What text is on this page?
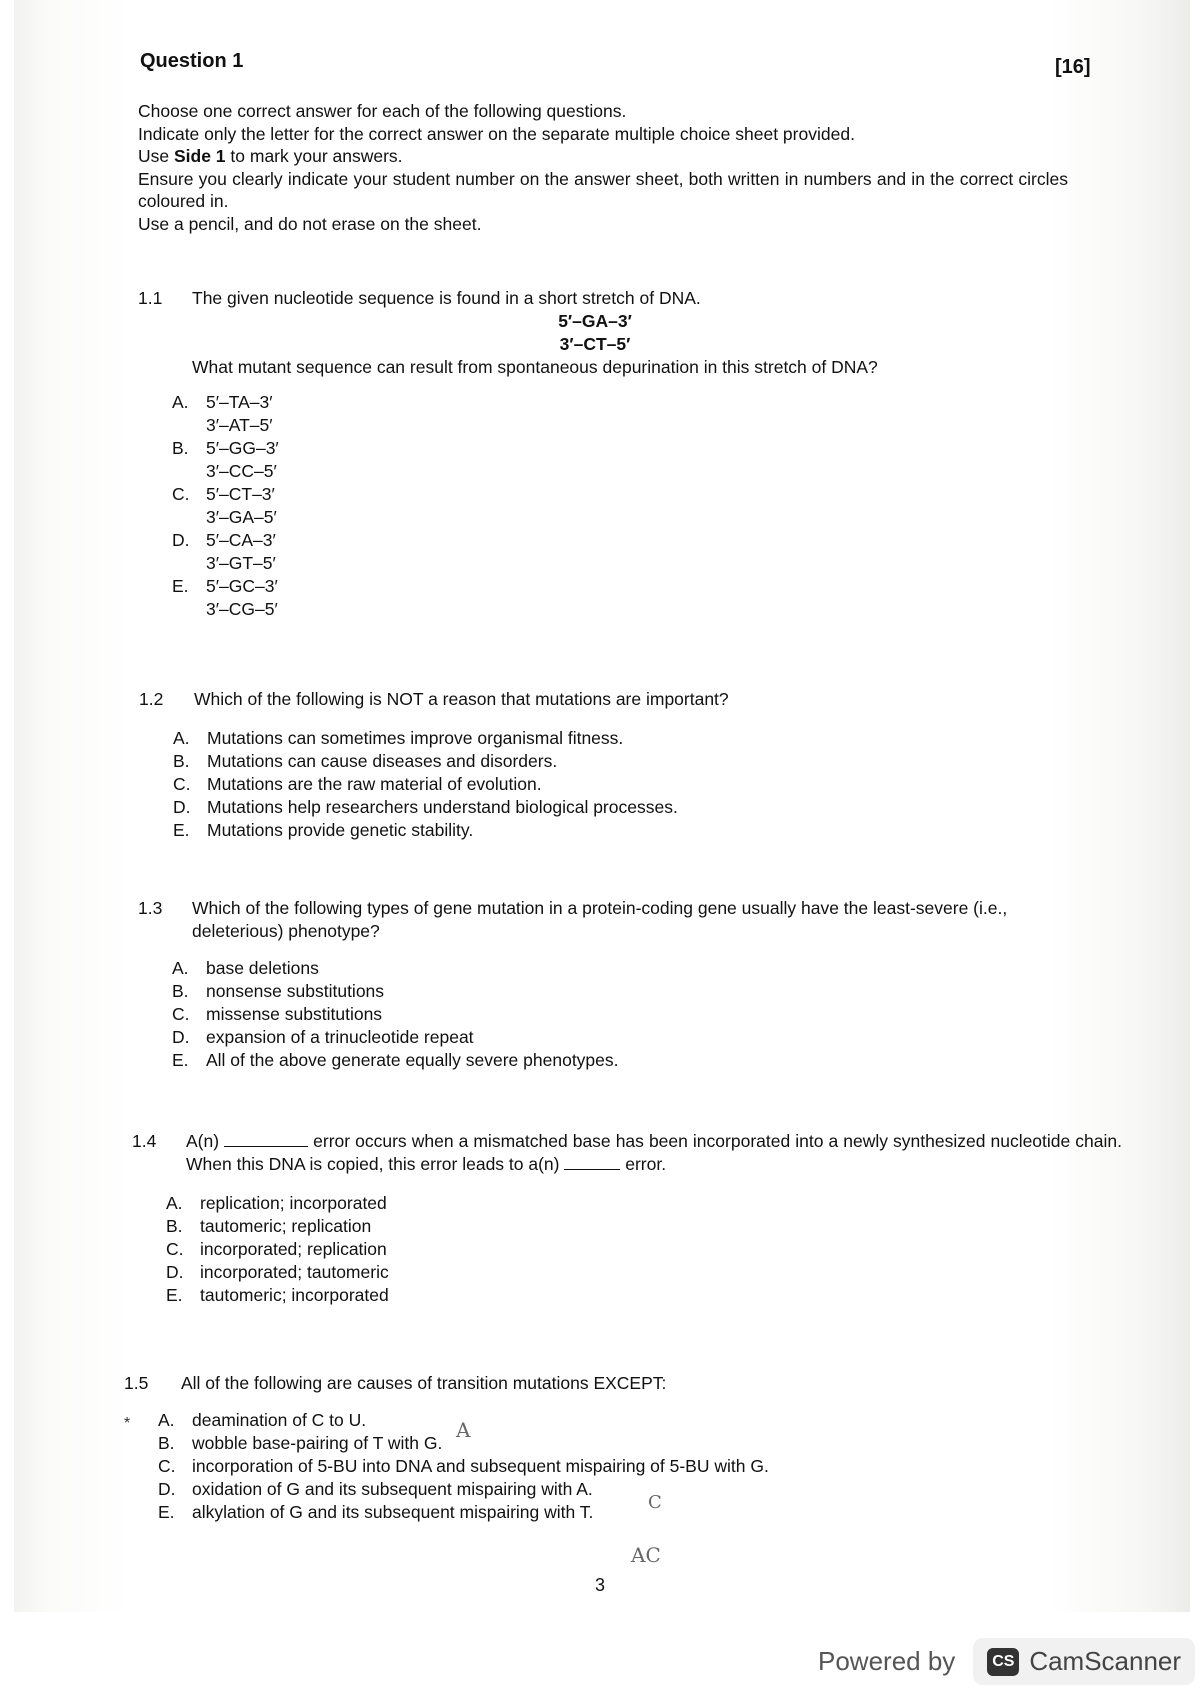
Question 1	[16]

Choose one correct answer for each of the following questions.

Indicate only the letter for the correct answer on the separate multiple choice sheet provided.

Use Side 1 to mark your answers.

Ensure you clearly indicate your student number on the answer sheet, both written in numbers and in the correct circles coloured in.

Use a pencil, and do not erase on the sheet.

1.1 The given nucleotide sequence is found in a short stretch of DNA.
5′–GA–3′
3′–CT–5′
What mutant sequence can result from spontaneous depurination in this stretch of DNA?
A. 5′–TA–3′
3′–AT–5′
B. 5′–GG–3′
3′–CC–5′
C. 5′–CT–3′
3′–GA–5′
D. 5′–CA–3′
3′–GT–5′
E. 5′–GC–3′
3′–CG–5′
1.2 Which of the following is NOT a reason that mutations are important?
A. Mutations can sometimes improve organismal fitness.
B. Mutations can cause diseases and disorders.
C. Mutations are the raw material of evolution.
D. Mutations help researchers understand biological processes.
E. Mutations provide genetic stability.
1.3 Which of the following types of gene mutation in a protein-coding gene usually have the least-severe (i.e., deleterious) phenotype?
A. base deletions
B. nonsense substitutions
C. missense substitutions
D. expansion of a trinucleotide repeat
E. All of the above generate equally severe phenotypes.
1.4 A(n)	error occurs when a mismatched base has been incorporated into a newly synthesized nucleotide chain. When this DNA is copied, this error leads to a(n)	error.
A. replication; incorporated
B. tautomeric; replication
C. incorporated; replication
D. incorporated; tautomeric
E. tautomeric; incorporated
1.5 All of the following are causes of transition mutations EXCEPT:
A. deamination of C to U.
B. wobble base-pairing of T with G.
C. incorporation of 5-BU into DNA and subsequent mispairing of 5-BU with G.
D. oxidation of G and its subsequent mispairing with A.
E. alkylation of G and its subsequent mispairing with T.
*	A
C
AC
3
Powered by	CS CamScanner
